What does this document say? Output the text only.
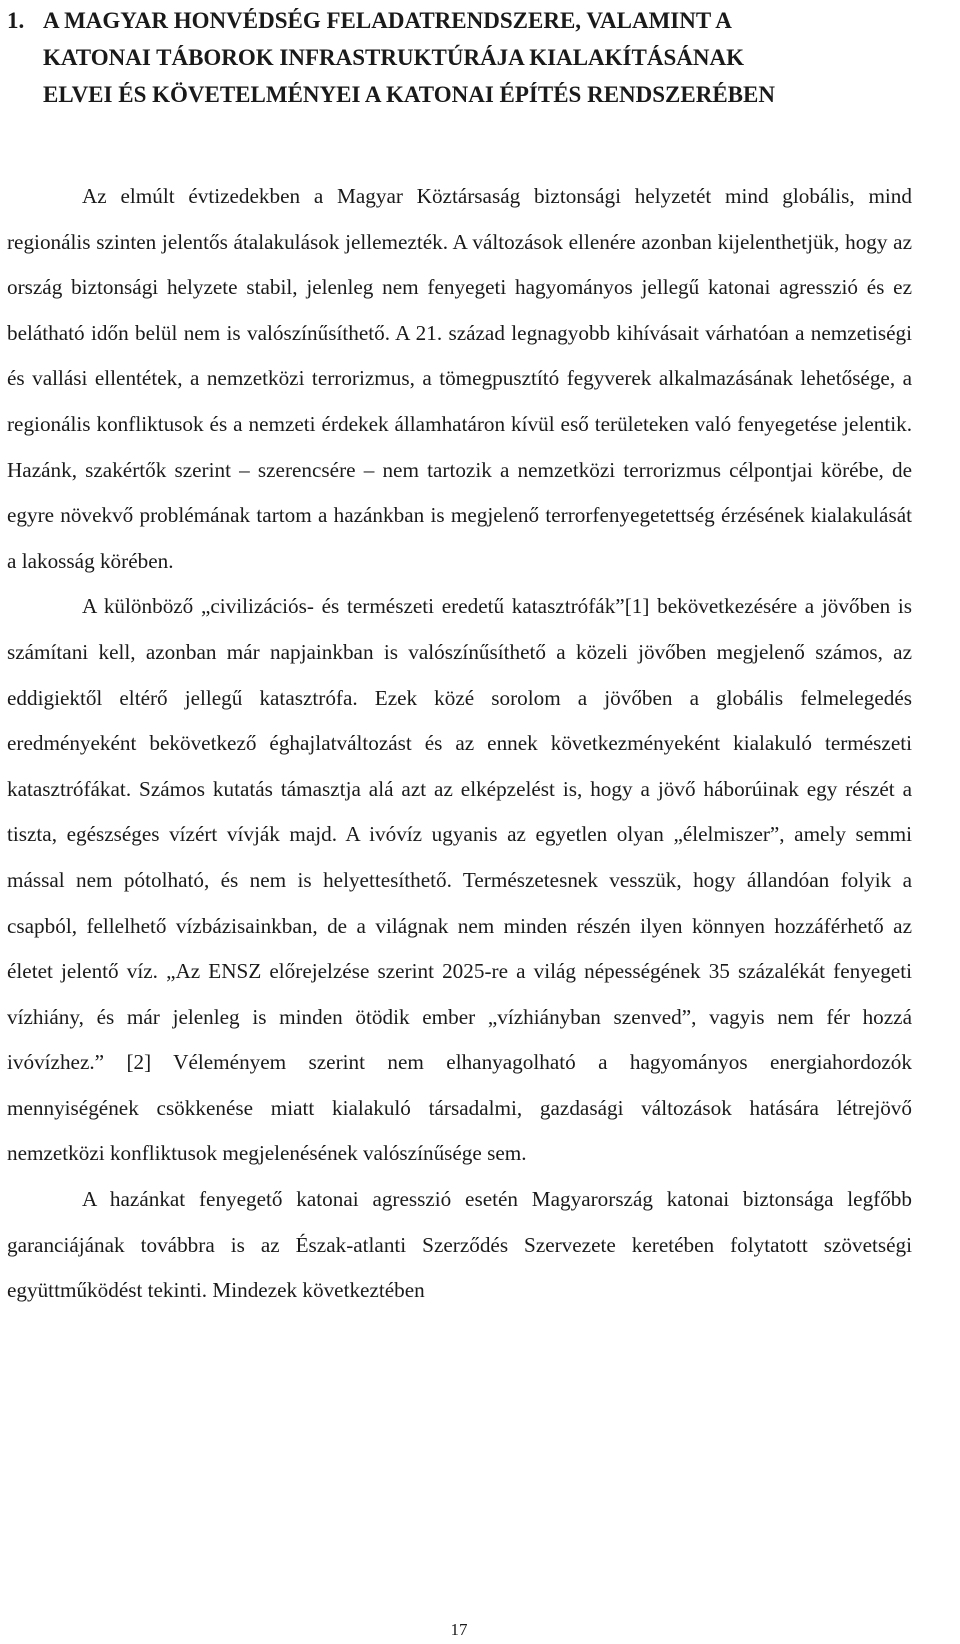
1. A MAGYAR HONVÉDSÉG FELADATRENDSZERE, VALAMINT A
KATONAI TÁBOROK INFRASTRUKTÚRÁJA KIALAKÍTÁSÁNAK
ELVEI ÉS KÖVETELMÉNYEI A KATONAI ÉPÍTÉS RENDSZERÉBEN

Az elmúlt évtizedekben a Magyar Köztársaság biztonsági helyzetét mind globális, mind regionális szinten jelentős átalakulások jellemezték. A változások ellenére azonban kijelenthetjük, hogy az ország biztonsági helyzete stabil, jelenleg nem fenyegeti hagyományos jellegű katonai agresszió és ez belátható időn belül nem is valószínűsíthető. A 21. század legnagyobb kihívásait várhatóan a nemzetiségi és vallási ellentétek, a nemzetközi terrorizmus, a tömegpusztító fegyverek alkalmazásának lehetősége, a regionális konfliktusok és a nemzeti érdekek államhatáron kívül eső területeken való fenyegetése jelentik. Hazánk, szakértők szerint – szerencsére – nem tartozik a nemzetközi terrorizmus célpontjai körébe, de egyre növekvő problémának tartom a hazánkban is megjelenő terrorfenyegetettség érzésének kialakulását a lakosság körében.

A különböző „civilizációs- és természeti eredetű katasztrófák”[1] bekövetkezésére a jövőben is számítani kell, azonban már napjainkban is valószínűsíthető a közeli jövőben megjelenő számos, az eddigiektől eltérő jellegű katasztrófa. Ezek közé sorolom a jövőben a globális felmelegedés eredményeként bekövetkező éghajlatváltozást és az ennek következményeként kialakuló természeti katasztrófákat. Számos kutatás támasztja alá azt az elképzelést is, hogy a jövő háborúinak egy részét a tiszta, egészséges vízért vívják majd. A ivóvíz ugyanis az egyetlen olyan „élelmiszer”, amely semmi mással nem pótolható, és nem is helyettesíthető. Természetesnek vesszük, hogy állandóan folyik a csapból, fellelhető vízbázisainkban, de a világnak nem minden részén ilyen könnyen hozzáférhető az életet jelentő víz. „Az ENSZ előrejelzése szerint 2025-re a világ népességének 35 százalékát fenyegeti vízhiány, és már jelenleg is minden ötödik ember „vízhiányban szenved”, vagyis nem fér hozzá ivóvízhez.” [2] Véleményem szerint nem elhanyagolható a hagyományos energiahordozók mennyiségének csökkenése miatt kialakuló társadalmi, gazdasági változások hatására létrejövő nemzetközi konfliktusok megjelenésének valószínűsége sem.

A hazánkat fenyegető katonai agresszió esetén Magyarország katonai biztonsága legfőbb garanciájának továbbra is az Észak-atlanti Szerződés Szervezete keretében folytatott szövetségi együttműködést tekinti. Mindezek következtében

17
